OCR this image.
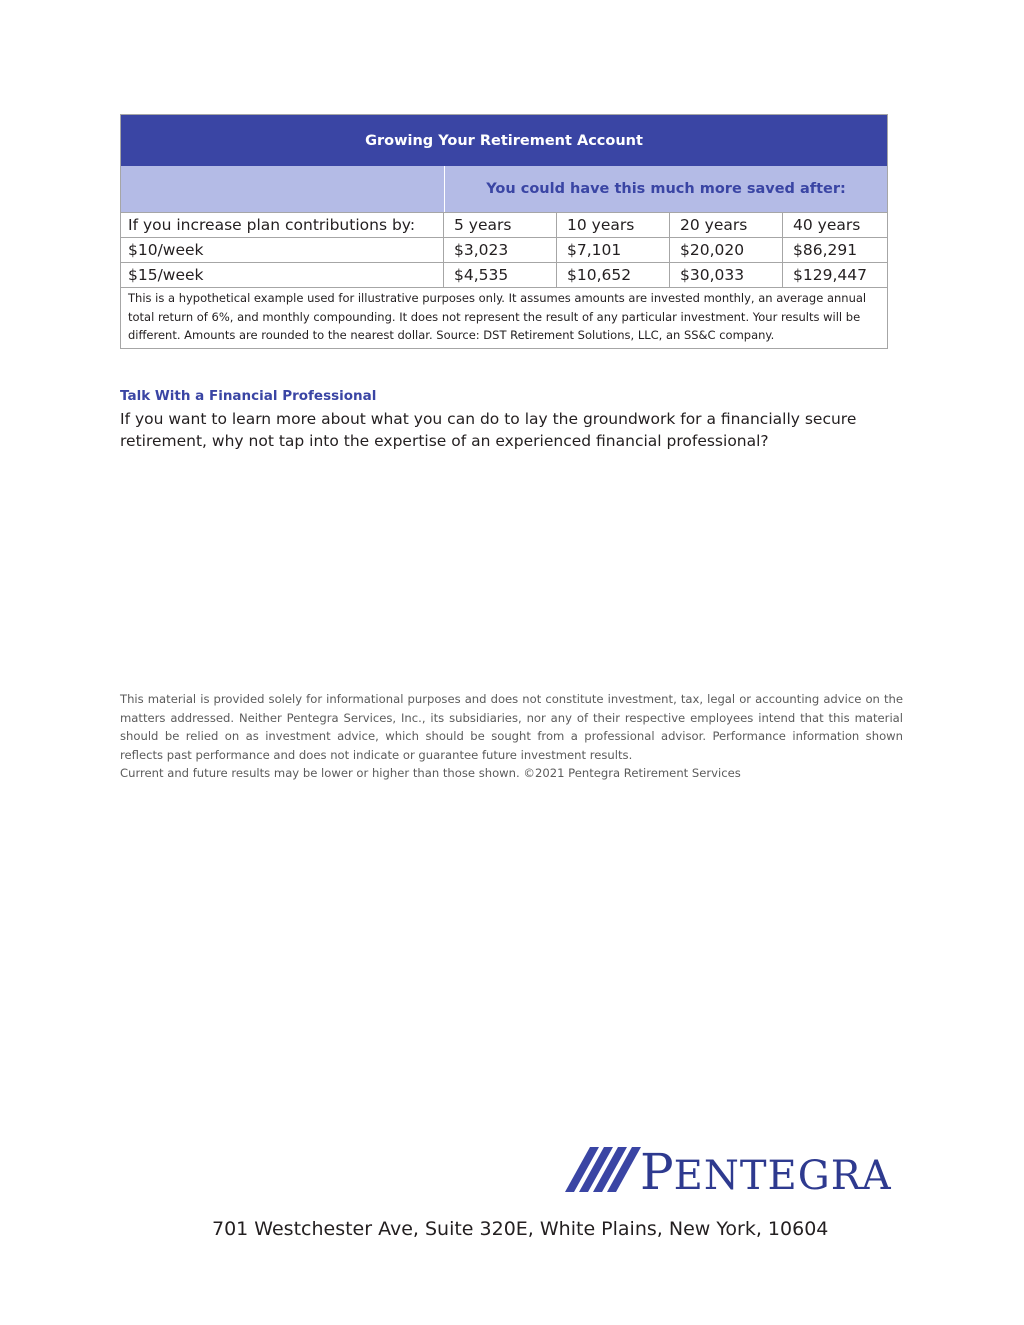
Growing Your Retirement Account
You could have this much more saved after:
If you increase plan contributions by:	5 years	10 years	20 years	40 years
$10/week	$3,023	$7,101	$20,020	$86,291
$15/week	$4,535	$10,652	$30,033	$129,447
This is a hypothetical example used for illustrative purposes only. It assumes amounts are invested monthly, an average annual total return of 6%, and monthly compounding. It does not represent the result of any particular investment. Your results will be different. Amounts are rounded to the nearest dollar. Source: DST Retirement Solutions, LLC, an SS&C company.
Talk With a Financial Professional
If you want to learn more about what you can do to lay the groundwork for a financially secure retirement, why not tap into the expertise of an experienced financial professional?
This material is provided solely for informational purposes and does not constitute investment, tax, legal or accounting advice on the matters addressed. Neither Pentegra Services, Inc., its subsidiaries, nor any of their respective employees intend that this material should be relied on as investment advice, which should be sought from a professional advisor. Performance information shown reflects past performance and does not indicate or guarantee future investment results.
Current and future results may be lower or higher than those shown. ©2021 Pentegra Retirement Services
P ENTEGRA
701 Westchester Ave, Suite 320E, White Plains, New York, 10604
